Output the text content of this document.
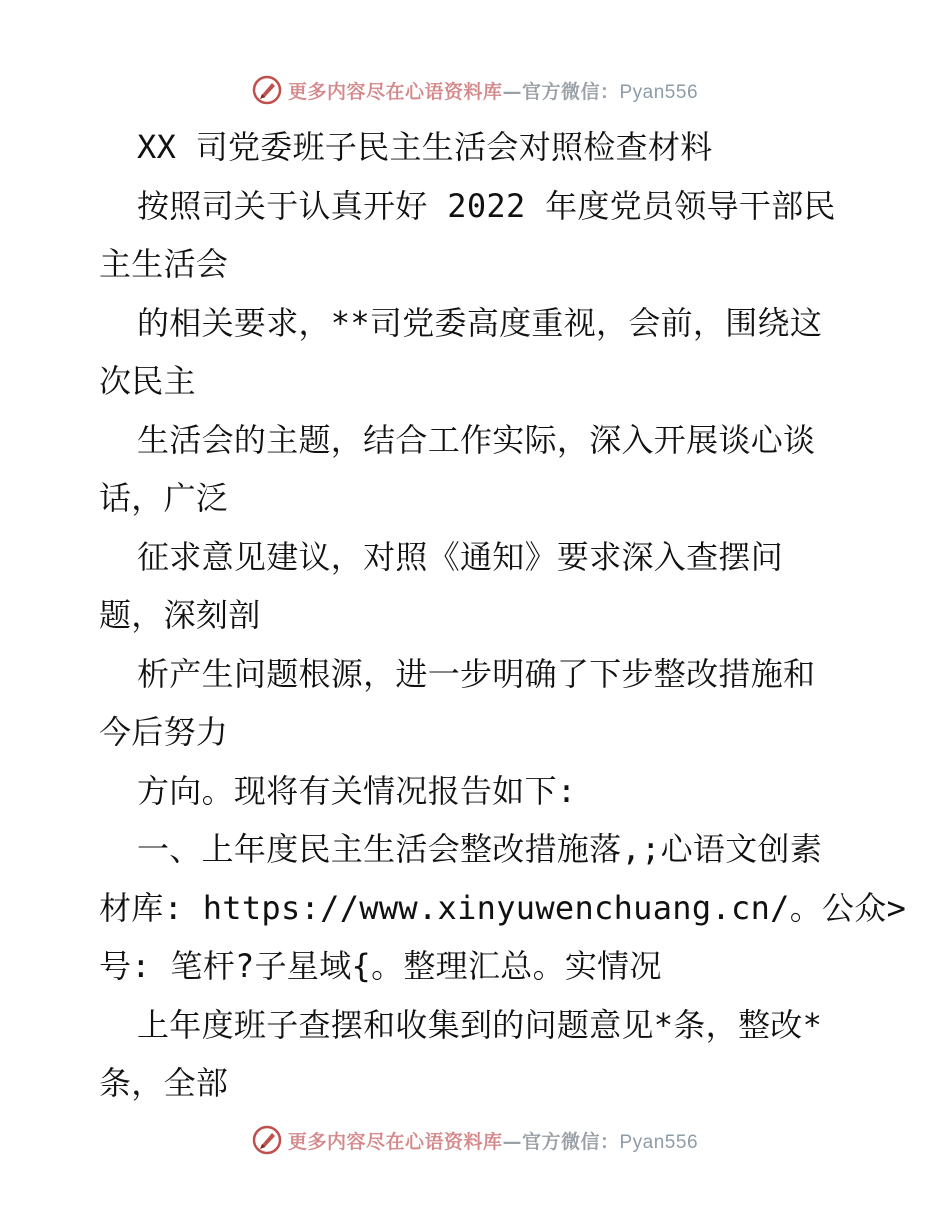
更多内容尽在心语资料库—官方微信：Pyan556
XX 司党委班子民主生活会对照检查材料
按照司关于认真开好 2022 年度党员领导干部民
主生活会
的相关要求，**司党委高度重视，会前，围绕这
次民主
生活会的主题，结合工作实际，深入开展谈心谈
话，广泛
征求意见建议，对照《通知》要求深入查摆问
题，深刻剖
析产生问题根源，进一步明确了下步整改措施和
今后努力
方向。现将有关情况报告如下:
一、上年度民主生活会整改措施落,;心语文创素
材库: https://www.xinyuwenchuang.cn/。公众>
号: 笔杆?子星域{。整理汇总。实情况
上年度班子查摆和收集到的问题意见*条，整改*
条，全部
更多内容尽在心语资料库—官方微信：Pyan556
